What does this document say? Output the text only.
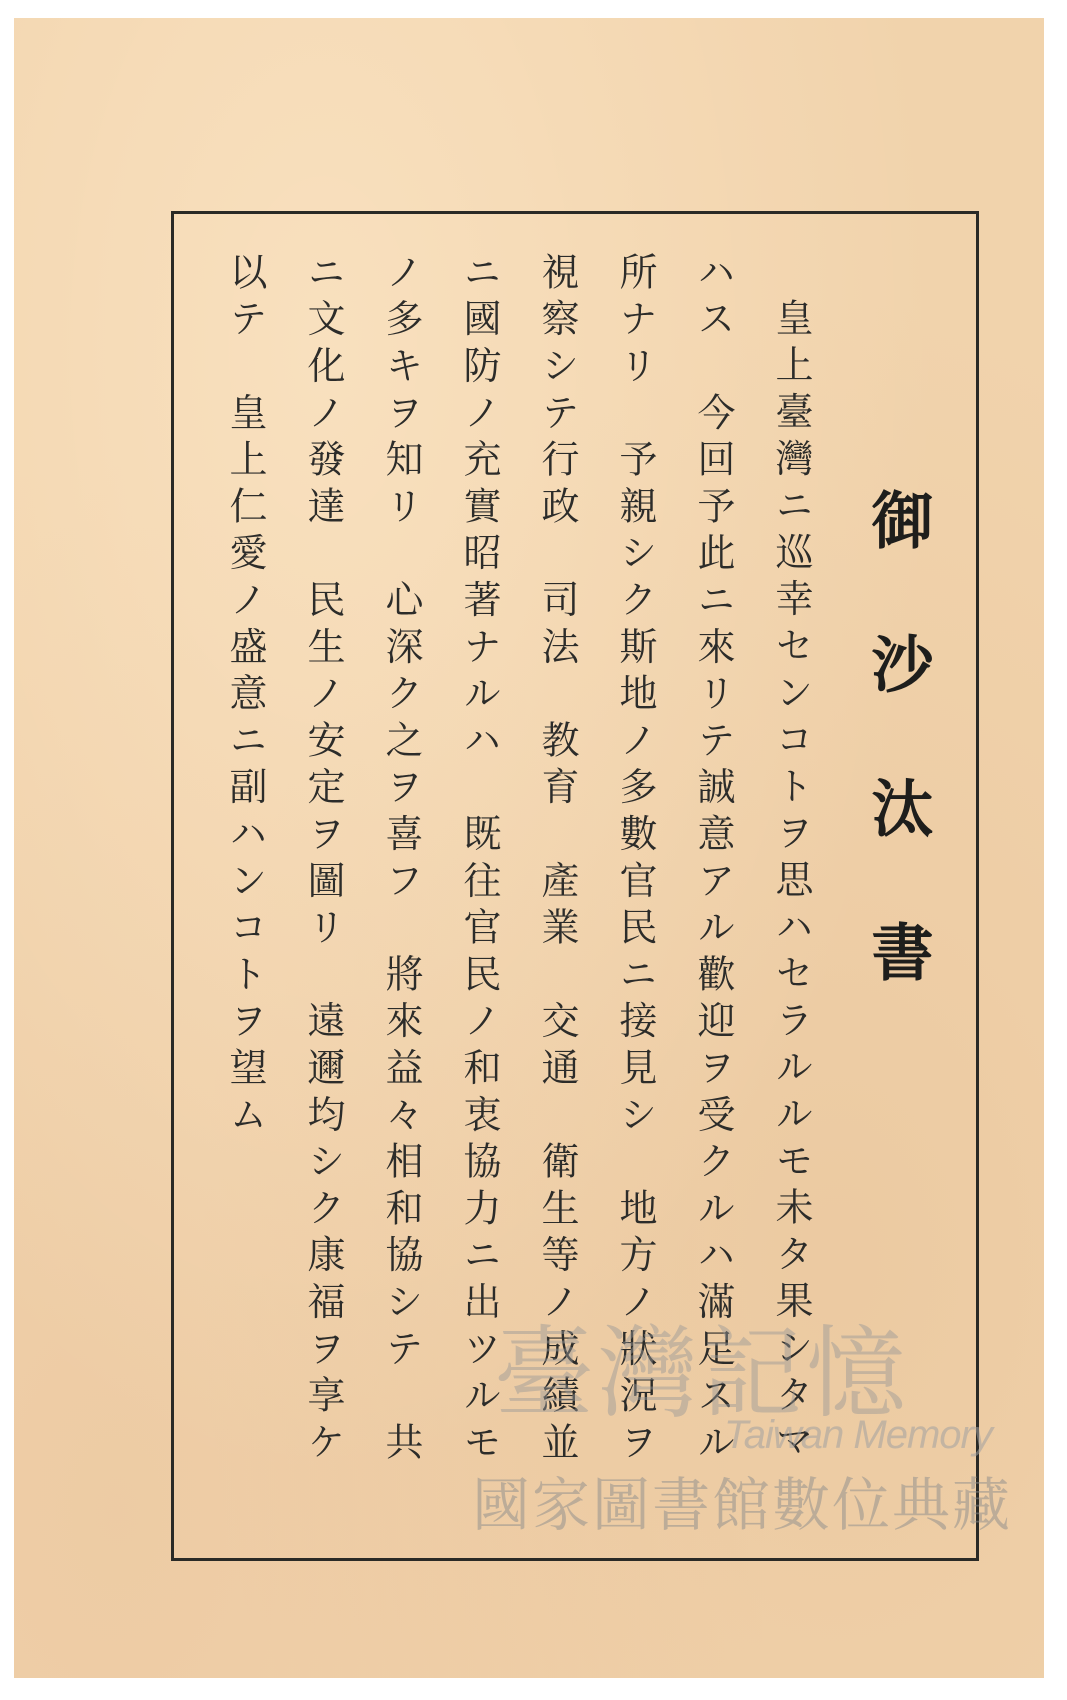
御沙汰書
皇上臺灣ニ巡幸センコトヲ思ハセラルルモ未タ果シタマ
ハス　今回予此ニ來リテ誠意アル歡迎ヲ受クルハ滿足スル
所ナリ　予親シク斯地ノ多數官民ニ接見シ　地方ノ狀況ヲ
視察シテ行政　司法　教育　產業　交通　衛生等ノ成績並
ニ國防ノ充實昭著ナルハ　既往官民ノ和衷協力ニ出ツルモ
ノ多キヲ知リ　心深ク之ヲ喜フ　將來益々相和協シテ　共
ニ文化ノ發達　民生ノ安定ヲ圖リ　遠邇均シク康福ヲ享ケ
以テ　皇上仁愛ノ盛意ニ副ハンコトヲ望ム
臺灣記憶
Taiwan Memory
國家圖書館數位典藏
